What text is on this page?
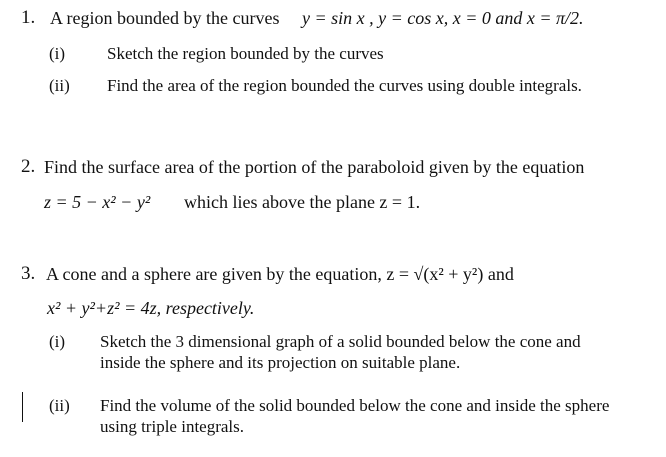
1. A region bounded by the curves y = sin x , y = cos x, x = 0 and x = π/2.
(i) Sketch the region bounded by the curves
(ii) Find the area of the region bounded the curves using double integrals.
2. Find the surface area of the portion of the paraboloid given by the equation
z = 5 − x² − y² which lies above the plane z = 1.
3. A cone and a sphere are given by the equation, z = √(x² + y²) and
x² + y²+z² = 4z, respectively.
(i) Sketch the 3 dimensional graph of a solid bounded below the cone and
inside the sphere and its projection on suitable plane.
(ii) Find the volume of the solid bounded below the cone and inside the sphere
using triple integrals.
